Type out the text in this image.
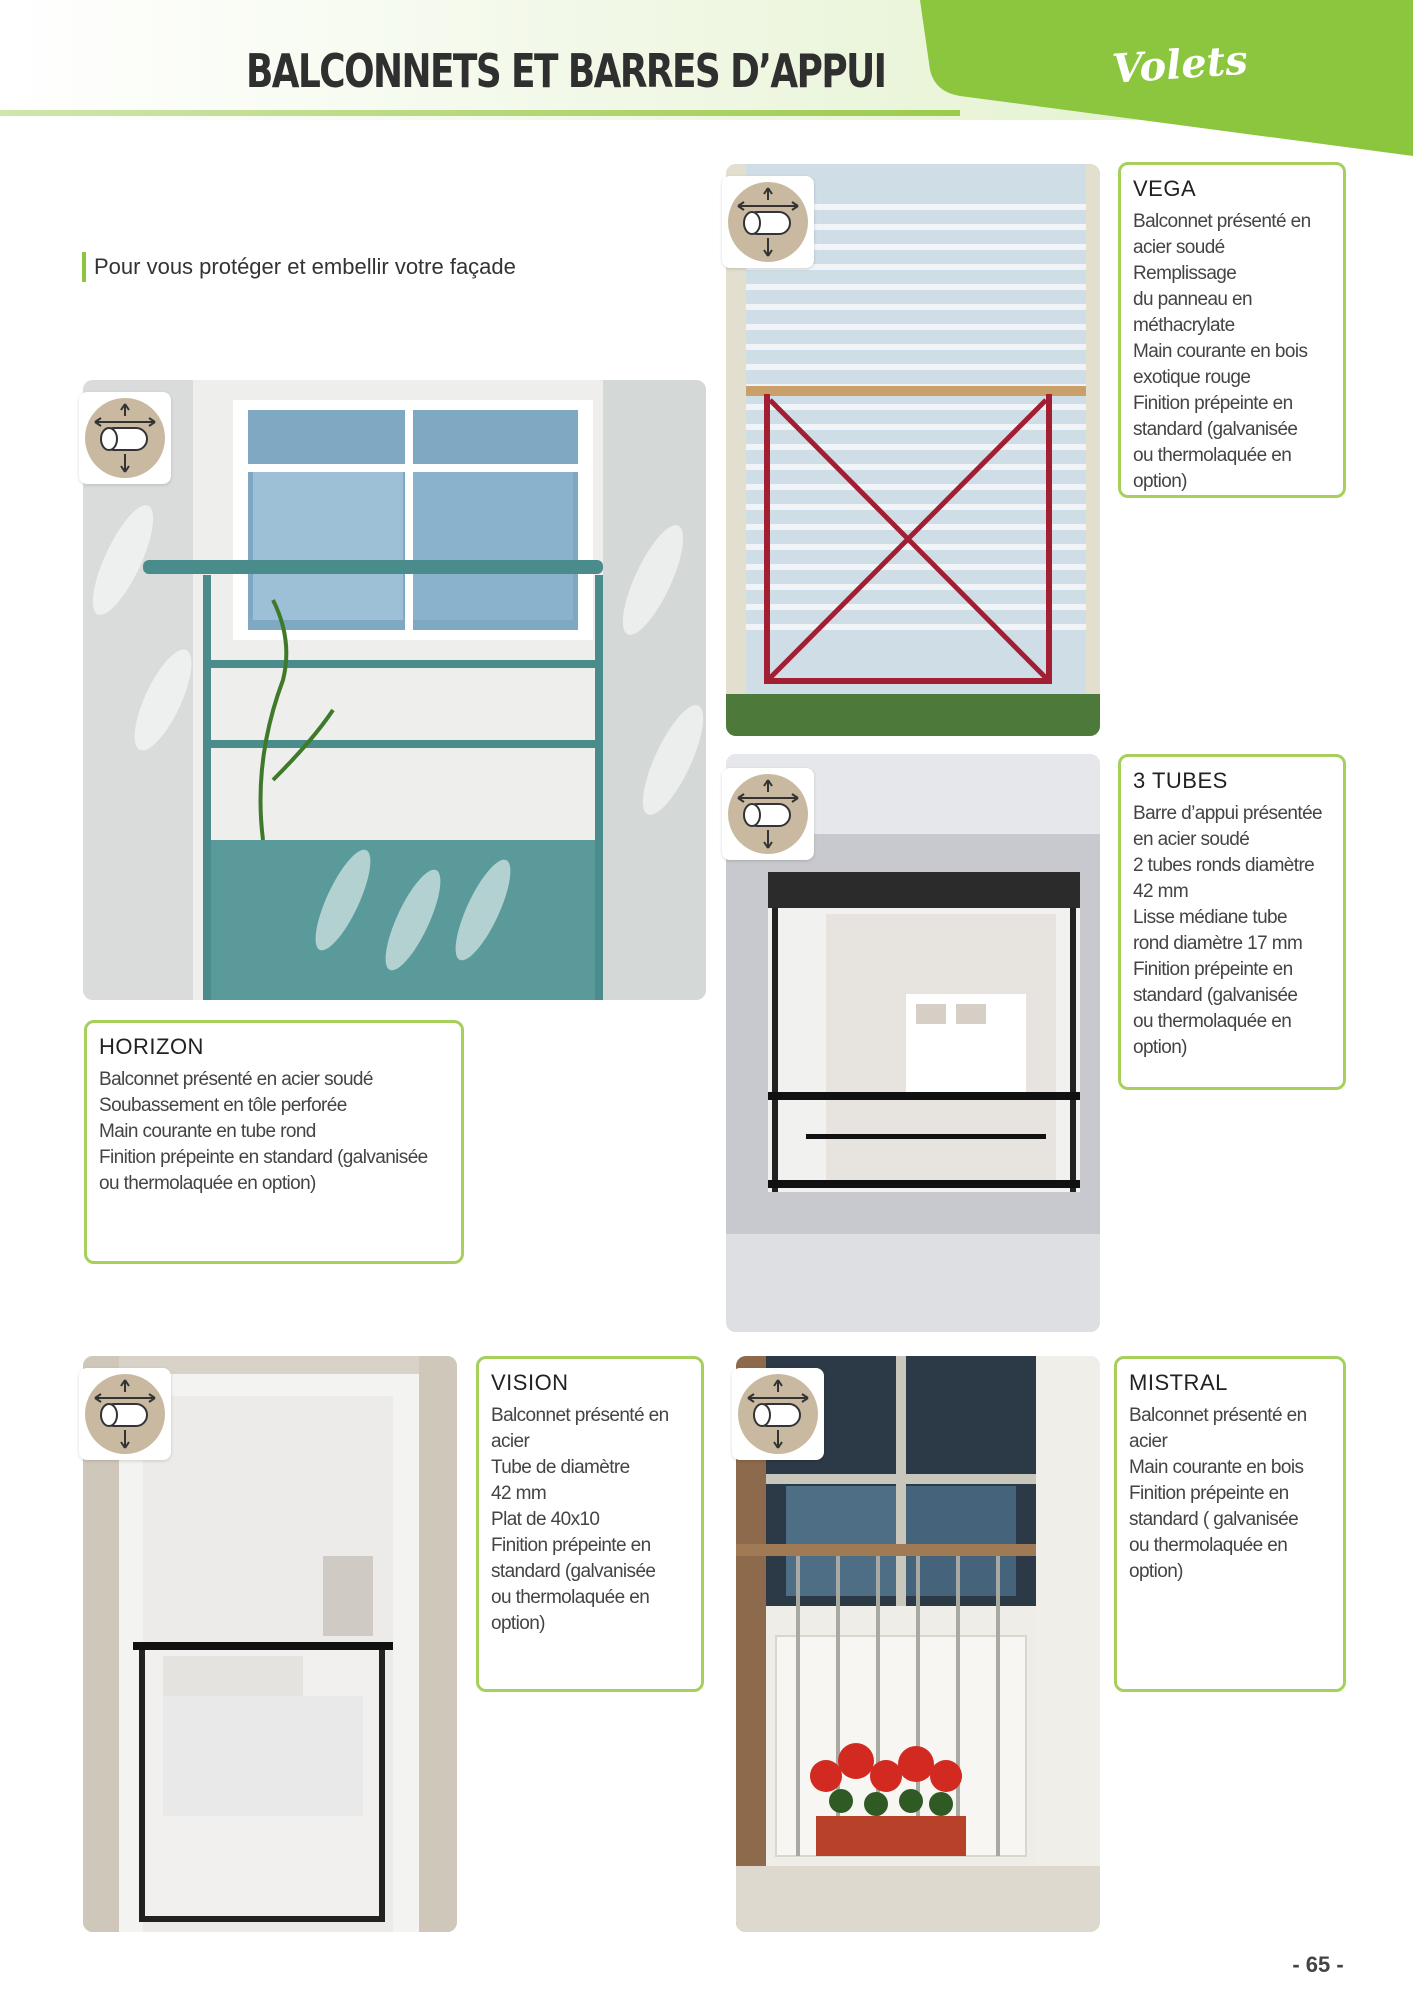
BALCONNETS ET BARRES D’APPUI	Volets
Pour vous protéger et embellir votre façade
HORIZON
Balconnet présenté en acier soudé
Soubassement en tôle perforée
Main courante en tube rond
Finition prépeinte en standard (galvanisée
ou thermolaquée en option)
VEGA
Balconnet présenté en
acier soudé
Remplissage
du panneau en
méthacrylate
Main courante en bois
exotique rouge
Finition prépeinte en
standard (galvanisée
ou thermolaquée en
option)
3 TUBES
Barre d’appui présentée
en acier soudé
2 tubes ronds diamètre
42 mm
Lisse médiane tube
rond diamètre 17 mm
Finition prépeinte en
standard (galvanisée
ou thermolaquée en
option)
VISION
Balconnet présenté en
acier
Tube de diamètre
42 mm
Plat de 40x10
Finition prépeinte en
standard (galvanisée
ou thermolaquée en
option)
MISTRAL
Balconnet présenté en
acier
Main courante en bois
Finition prépeinte en
standard ( galvanisée
ou thermolaquée en
option)
- 65 -
